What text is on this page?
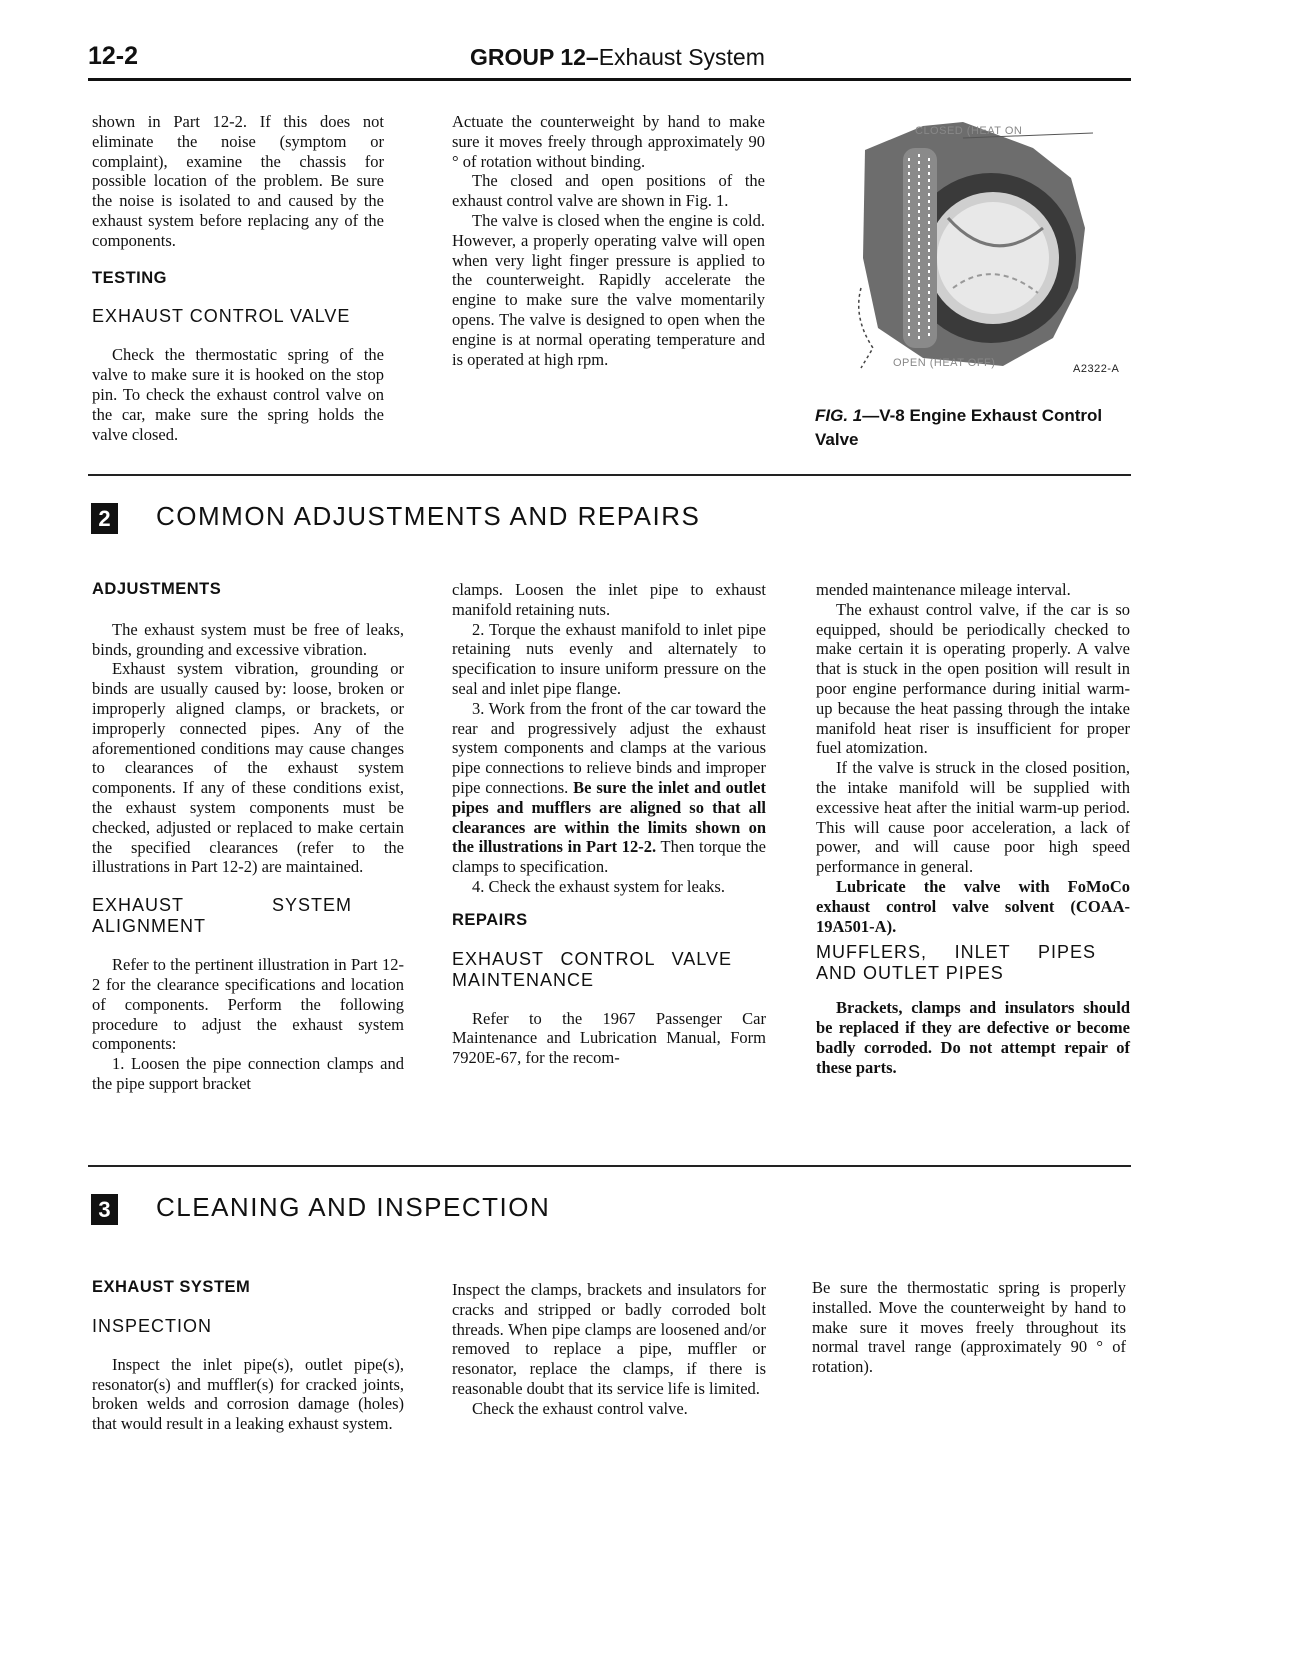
12-2	GROUP 12–Exhaust System

shown in Part 12-2. If this does not eliminate the noise (symptom or complaint), examine the chassis for possible location of the problem. Be sure the noise is isolated to and caused by the exhaust system before replacing any of the components.

TESTING

EXHAUST CONTROL VALVE

Check the thermostatic spring of the valve to make sure it is hooked on the stop pin. To check the exhaust control valve on the car, make sure the spring holds the valve closed.

Actuate the counterweight by hand to make sure it moves freely through approximately 90 ° of rotation without binding.

The closed and open positions of the exhaust control valve are shown in Fig. 1.

The valve is closed when the engine is cold. However, a properly operating valve will open when very light finger pressure is applied to the counterweight. Rapidly accelerate the engine to make sure the valve momentarily opens. The valve is designed to open when the engine is at normal operating temperature and is operated at high rpm.

CLOSED (HEAT ON
OPEN (HEAT OFF)	A2322-A
FIG. 1—V-8 Engine Exhaust Control Valve
2 COMMON ADJUSTMENTS AND REPAIRS

ADJUSTMENTS

The exhaust system must be free of leaks, binds, grounding and excessive vibration.

Exhaust system vibration, grounding or binds are usually caused by: loose, broken or improperly aligned clamps, or brackets, or improperly connected pipes. Any of the aforementioned conditions may cause changes to clearances of the exhaust system components. If any of these conditions exist, the exhaust system components must be checked, adjusted or replaced to make certain the specified clearances (refer to the illustrations in Part 12-2) are maintained.

EXHAUST SYSTEM ALIGNMENT

Refer to the pertinent illustration in Part 12-2 for the clearance specifications and location of components. Perform the following procedure to adjust the exhaust system components:

1. Loosen the pipe connection clamps and the pipe support bracket

clamps. Loosen the inlet pipe to exhaust manifold retaining nuts.

2. Torque the exhaust manifold to inlet pipe retaining nuts evenly and alternately to specification to insure uniform pressure on the seal and inlet pipe flange.

3. Work from the front of the car toward the rear and progressively adjust the exhaust system components and clamps at the various pipe connections to relieve binds and improper pipe connections. Be sure the inlet and outlet pipes and mufflers are aligned so that all clearances are within the limits shown on the illustrations in Part 12-2. Then torque the clamps to specification.

4. Check the exhaust system for leaks.

REPAIRS

EXHAUST CONTROL VALVE MAINTENANCE

Refer to the 1967 Passenger Car Maintenance and Lubrication Manual, Form 7920E-67, for the recom-

mended maintenance mileage interval.

The exhaust control valve, if the car is so equipped, should be periodically checked to make certain it is operating properly. A valve that is stuck in the open position will result in poor engine performance during initial warm-up because the heat passing through the intake manifold heat riser is insufficient for proper fuel atomization.

If the valve is struck in the closed position, the intake manifold will be supplied with excessive heat after the initial warm-up period. This will cause poor acceleration, a lack of power, and will cause poor high speed performance in general.

Lubricate the valve with FoMoCo exhaust control valve solvent (COAA-19A501-A).

MUFFLERS, INLET PIPES AND OUTLET PIPES

Brackets, clamps and insulators should be replaced if they are defective or become badly corroded. Do not attempt repair of these parts.

3 CLEANING AND INSPECTION

EXHAUST SYSTEM

INSPECTION

Inspect the inlet pipe(s), outlet pipe(s), resonator(s) and muffler(s) for cracked joints, broken welds and corrosion damage (holes) that would result in a leaking exhaust system.

Inspect the clamps, brackets and insulators for cracks and stripped or badly corroded bolt threads. When pipe clamps are loosened and/or removed to replace a pipe, muffler or resonator, replace the clamps, if there is reasonable doubt that its service life is limited.

Check the exhaust control valve.

Be sure the thermostatic spring is properly installed. Move the counterweight by hand to make sure it moves freely throughout its normal travel range (approximately 90 ° of rotation).
